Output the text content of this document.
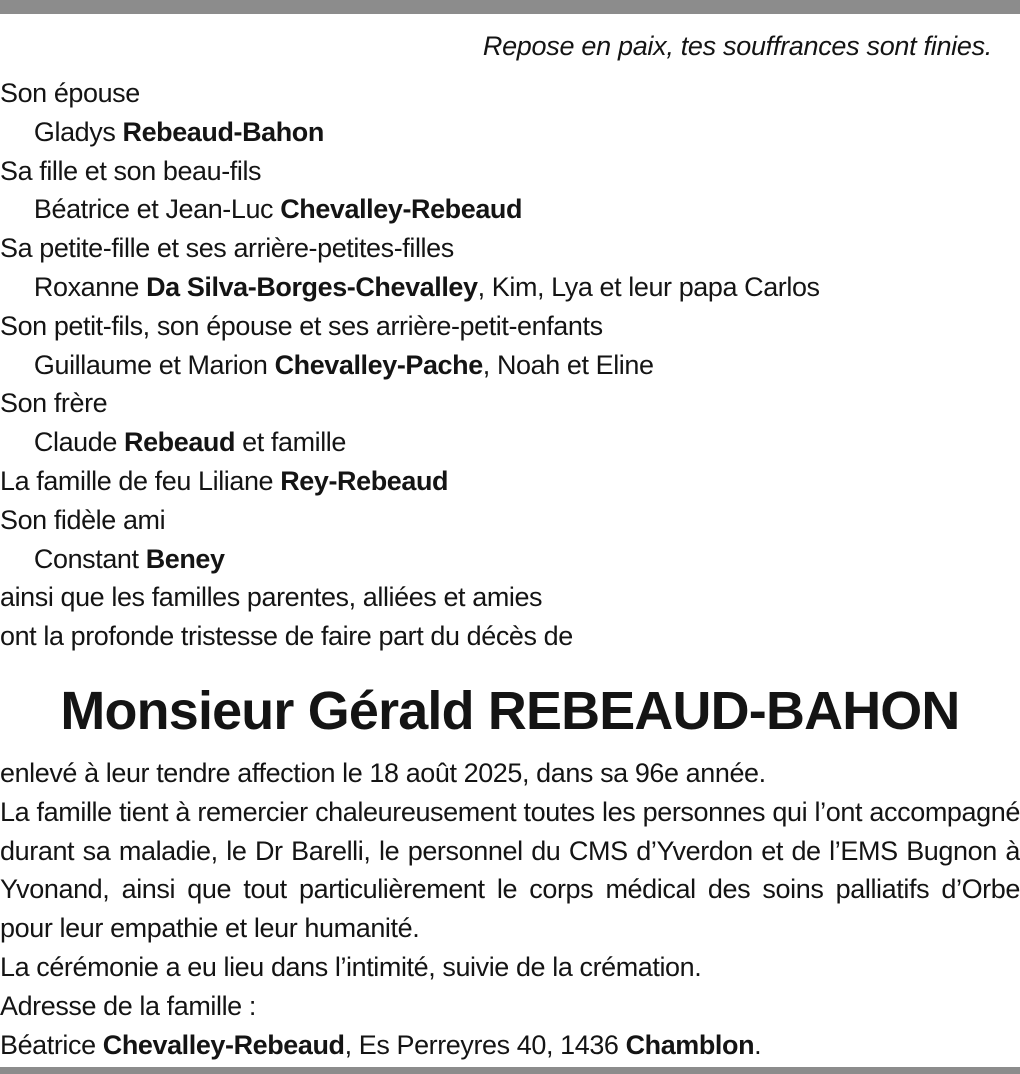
Repose en paix, tes souffrances sont finies.
Son épouse
Gladys Rebeaud-Bahon
Sa fille et son beau-fils
Béatrice et Jean-Luc Chevalley-Rebeaud
Sa petite-fille et ses arrière-petites-filles
Roxanne Da Silva-Borges-Chevalley, Kim, Lya et leur papa Carlos
Son petit-fils, son épouse et ses arrière-petit-enfants
Guillaume et Marion Chevalley-Pache, Noah et Eline
Son frère
Claude Rebeaud et famille
La famille de feu Liliane Rey-Rebeaud
Son fidèle ami
Constant Beney
ainsi que les familles parentes, alliées et amies
ont la profonde tristesse de faire part du décès de
Monsieur Gérald REBEAUD-BAHON
enlevé à leur tendre affection le 18 août 2025, dans sa 96e année.

La famille tient à remercier chaleureusement toutes les personnes qui l’ont accompagné durant sa maladie, le Dr Barelli, le personnel du CMS d’Yverdon et de l’EMS Bugnon à Yvonand, ainsi que tout particulièrement le corps médical des soins palliatifs d’Orbe pour leur empathie et leur humanité.

La cérémonie a eu lieu dans l’intimité, suivie de la crémation.
Adresse de la famille :
Béatrice Chevalley-Rebeaud, Es Perreyres 40, 1436 Chamblon.
